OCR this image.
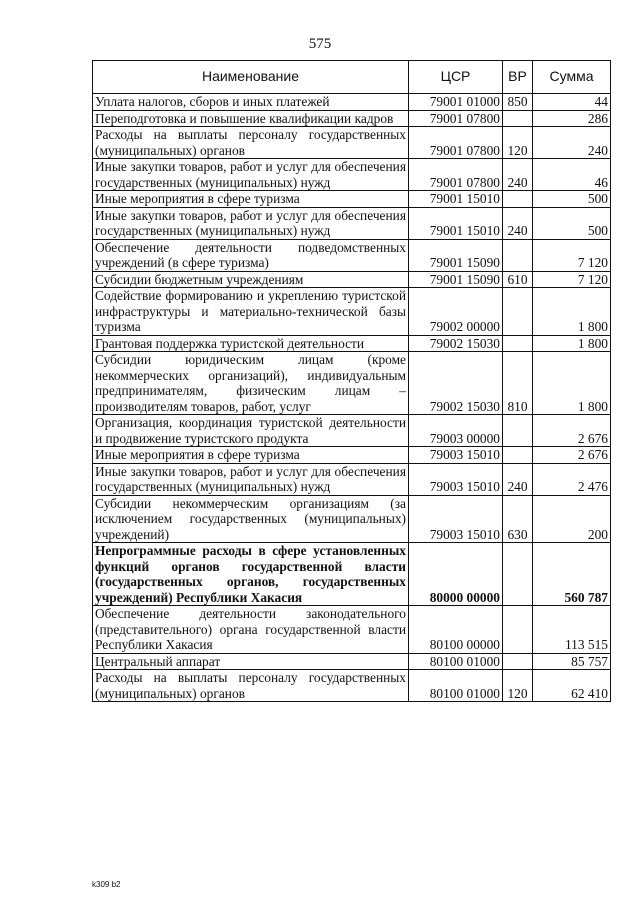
575
Наименование	ЦСР	ВР	Сумма
Уплата налогов, сборов и иных платежей	79001 01000	850	44
Переподготовка и повышение квалификации кадров	79001 07800		286
Расходы на выплаты персоналу государственных (муниципальных) органов	79001 07800	120	240
Иные закупки товаров, работ и услуг для обеспечения государственных (муниципальных) нужд	79001 07800	240	46
Иные мероприятия в сфере туризма	79001 15010		500
Иные закупки товаров, работ и услуг для обеспечения государственных (муниципальных) нужд	79001 15010	240	500
Обеспечение деятельности подведомственных учреждений (в сфере туризма)	79001 15090		7 120
Субсидии бюджетным учреждениям	79001 15090	610	7 120
Содействие формированию и укреплению туристской инфраструктуры и материально-технической базы туризма	79002 00000		1 800
Грантовая поддержка туристской деятельности	79002 15030		1 800
Субсидии юридическим лицам (кроме некоммерческих организаций), индивидуальным предпринимателям, физическим лицам – производителям товаров, работ, услуг	79002 15030	810	1 800
Организация, координация туристской деятельности и продвижение туристского продукта	79003 00000		2 676
Иные мероприятия в сфере туризма	79003 15010		2 676
Иные закупки товаров, работ и услуг для обеспечения государственных (муниципальных) нужд	79003 15010	240	2 476
Субсидии некоммерческим организациям (за исключением государственных (муниципальных) учреждений)	79003 15010	630	200
Непрограммные расходы в сфере установленных функций органов государственной власти (государственных органов, государственных учреждений) Республики Хакасия	80000 00000		560 787
Обеспечение деятельности законодательного (представительного) органа государственной власти Республики Хакасия	80100 00000		113 515
Центральный аппарат	80100 01000		85 757
Расходы на выплаты персоналу государственных (муниципальных) органов	80100 01000	120	62 410
k309 b2
